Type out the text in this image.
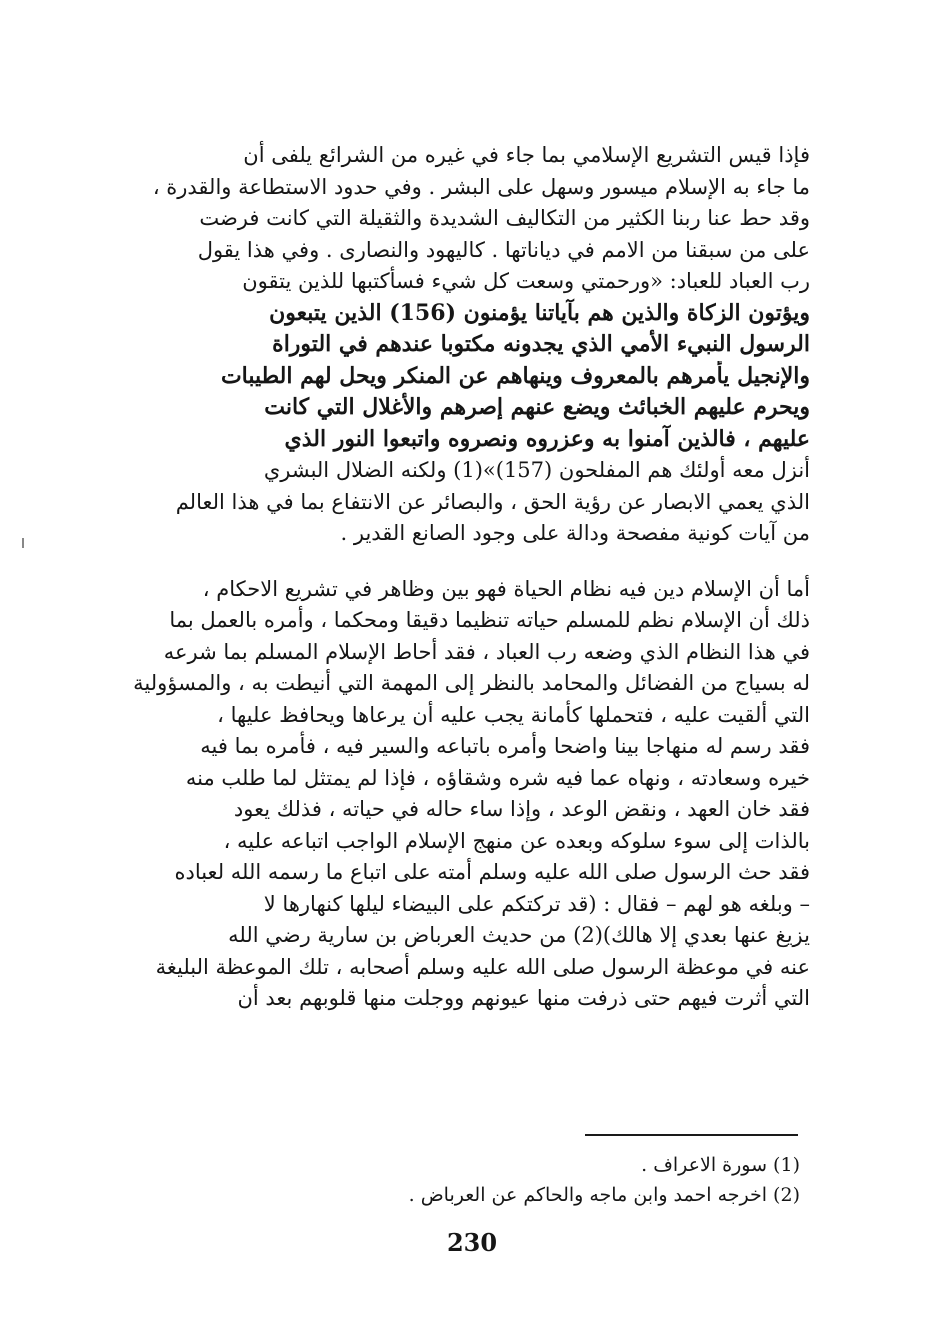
فإذا قيس التشريع الإسلامي بما جاء في غيره من الشرائع يلفى أن
ما جاء به الإسلام ميسور وسهل على البشر . وفي حدود الاستطاعة والقدرة ،
وقد حط عنا ربنا الكثير من التكاليف الشديدة والثقيلة التي كانت فرضت
على من سبقنا من الامم في دياناتها . كاليهود والنصارى . وفي هذا يقول
رب العباد للعباد: «ورحمتي وسعت كل شيء فسأكتبها للذين يتقون
ويؤتون الزكاة والذين هم بآياتنا يؤمنون (156) الذين يتبعون
الرسول النبيء الأمي الذي يجدونه مكتوبا عندهم في التوراة
والإنجيل يأمرهم بالمعروف وينهاهم عن المنكر ويحل لهم الطيبات
ويحرم عليهم الخبائث ويضع عنهم إصرهم والأغلال التي كانت
عليهم ، فالذين آمنوا به وعزروه ونصروه واتبعوا النور الذي
أنزل معه أولئك هم المفلحون (157)»(1) ولكنه الضلال البشري
الذي يعمي الابصار عن رؤية الحق ، والبصائر عن الانتفاع بما في هذا العالم
من آيات كونية مفصحة ودالة على وجود الصانع القدير .
أما أن الإسلام دين فيه نظام الحياة فهو بين وظاهر في تشريع الاحكام ،
ذلك أن الإسلام نظم للمسلم حياته تنظيما دقيقا ومحكما ، وأمره بالعمل بما
في هذا النظام الذي وضعه رب العباد ، فقد أحاط الإسلام المسلم بما شرعه
له بسياج من الفضائل والمحامد بالنظر إلى المهمة التي أنيطت به ، والمسؤولية
التي ألقيت عليه ، فتحملها كأمانة يجب عليه أن يرعاها ويحافظ عليها ،
فقد رسم له منهاجا بينا واضحا وأمره باتباعه والسير فيه ، فأمره بما فيه
خيره وسعادته ، ونهاه عما فيه شره وشقاؤه ، فإذا لم يمتثل لما طلب منه
فقد خان العهد ، ونقض الوعد ، وإذا ساء حاله في حياته ، فذلك يعود
بالذات إلى سوء سلوكه وبعده عن منهج الإسلام الواجب اتباعه عليه ،
فقد حث الرسول صلى الله عليه وسلم أمته على اتباع ما رسمه الله لعباده
– وبلغه هو لهم – فقال : (قد تركتكم على البيضاء ليلها كنهارها لا
يزيغ عنها بعدي إلا هالك)(2) من حديث العرباض بن سارية رضي الله
عنه في موعظة الرسول صلى الله عليه وسلم أصحابه ، تلك الموعظة البليغة
التي أثرت فيهم حتى ذرفت منها عيونهم ووجلت منها قلوبهم بعد أن
(1) سورة الاعراف .
(2) اخرجه احمد وابن ماجه والحاكم عن العرباض .
230
